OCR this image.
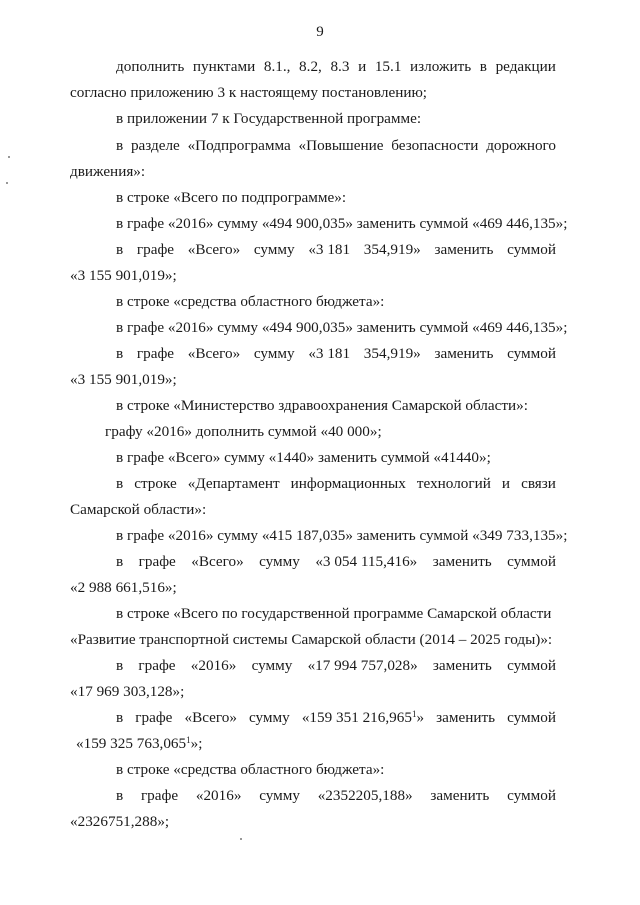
9
дополнить пунктами 8.1., 8.2, 8.3 и 15.1 изложить в редакции
согласно приложению 3 к настоящему постановлению;
в приложении 7 к Государственной программе:
в разделе «Подпрограмма «Повышение безопасности дорожного
движения»:
в строке «Всего по подпрограмме»:
в графе «2016» сумму «494 900,035» заменить суммой «469 446,135»;
в графе «Всего» сумму «3 181 354,919» заменить суммой
«3 155 901,019»;
в строке «средства областного бюджета»:
в графе «2016» сумму «494 900,035» заменить суммой «469 446,135»;
в графе «Всего» сумму «3 181 354,919» заменить суммой
«3 155 901,019»;
в строке «Министерство здравоохранения Самарской области»:
графу «2016» дополнить суммой «40 000»;
в графе «Всего» сумму «1440» заменить суммой «41440»;
в строке «Департамент информационных технологий и связи
Самарской области»:
в графе «2016» сумму «415 187,035» заменить суммой «349 733,135»;
в графе «Всего» сумму «3 054 115,416» заменить суммой
«2 988 661,516»;
в строке «Всего по государственной программе Самарской области
«Развитие транспортной системы Самарской области (2014 – 2025 годы)»:
в графе «2016» сумму «17 994 757,028» заменить суммой
«17 969 303,128»;
в графе «Всего» сумму «159 351 216,965$^1$» заменить суммой
«159 325 763,065$^1$»;
в строке «средства областного бюджета»:
в графе «2016» сумму «2352205,188» заменить суммой
«2326751,288»;
